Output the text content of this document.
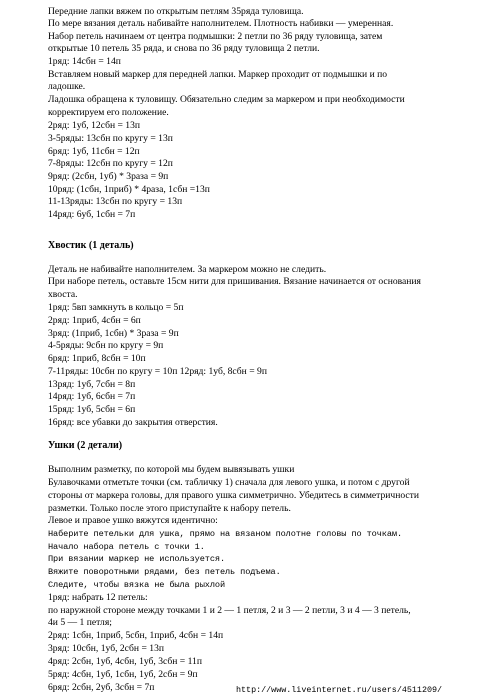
Передние лапки вяжем по открытым петлям 35ряда туловища.
По мере вязания деталь набивайте наполнителем. Плотность набивки — умеренная.
Набор петель начинаем от центра подмышки: 2 петли по 36 ряду туловища, затем
открытые 10 петель 35 ряда, и снова по 36 ряду туловища 2 петли.
1ряд: 14сбн = 14п
Вставляем новый маркер для передней лапки. Маркер проходит от подмышки и по
ладошке.
Ладошка обращена к туловищу. Обязательно следим за маркером и при необходимости
корректируем его положение.
2ряд: 1уб, 12сбн = 13п
3-5ряды: 13сбн по кругу = 13п
6ряд: 1уб, 11сбн = 12п
7-8ряды: 12сбн по кругу = 12п
9ряд: (2сбн, 1уб) * 3раза = 9п
10ряд: (1сбн, 1приб) * 4раза, 1сбн =13п
11-13ряды: 13сбн по кругу = 13п
14ряд: 6уб, 1сбн = 7п
Хвостик (1 деталь)
Деталь не набивайте наполнителем. За маркером можно не следить.
При наборе петель, оставьте 15см нити для пришивания. Вязание начинается от основания
хвоста.
1ряд: 5вп замкнуть в кольцо = 5п
2ряд: 1приб, 4сбн = 6п
3ряд: (1приб, 1сбн) * 3раза = 9п
4-5ряды: 9сбн по кругу = 9п
6ряд: 1приб, 8сбн = 10п
7-11ряды: 10сбн по кругу = 10п 12ряд: 1уб, 8сбн = 9п
13ряд: 1уб, 7сбн = 8п
14ряд: 1уб, 6сбн = 7п
15ряд: 1уб, 5сбн = 6п
16ряд: все убавки до закрытия отверстия.
Ушки (2 детали)
Выполним разметку, по которой мы будем вывязывать ушки
Булавочками отметьте точки (см. табличку 1) сначала для левого ушка, и потом с другой
стороны от маркера головы, для правого ушка симметрично. Убедитесь в симметричности
разметки. Только после этого приступайте к набору петель.
Левое и правое ушко вяжутся идентично:
Наберите петельки для ушка, прямо на вязаном полотне головы по точкам.
Начало набора петель с точки 1.
При вязании маркер не используется.
Вяжите поворотными рядами, без петель подъема.
Следите, чтобы вязка не была рыхлой
1ряд: набрать 12 петель:
по наружной стороне между точками 1 и 2 — 1 петля, 2 и 3 — 2 петли, 3 и 4 — 3 петель,
4и 5 — 1 петля;
2ряд: 1сбн, 1приб, 5сбн, 1приб, 4сбн = 14п
3ряд: 10сбн, 1уб, 2сбн = 13п
4ряд: 2сбн, 1уб, 4сбн, 1уб, 3сбн = 11п
5ряд: 4сбн, 1уб, 1сбн, 1уб, 2сбн = 9п
6ряд: 2сбн, 2уб, 3сбн = 7п	http://www.liveinternet.ru/users/4511209/
